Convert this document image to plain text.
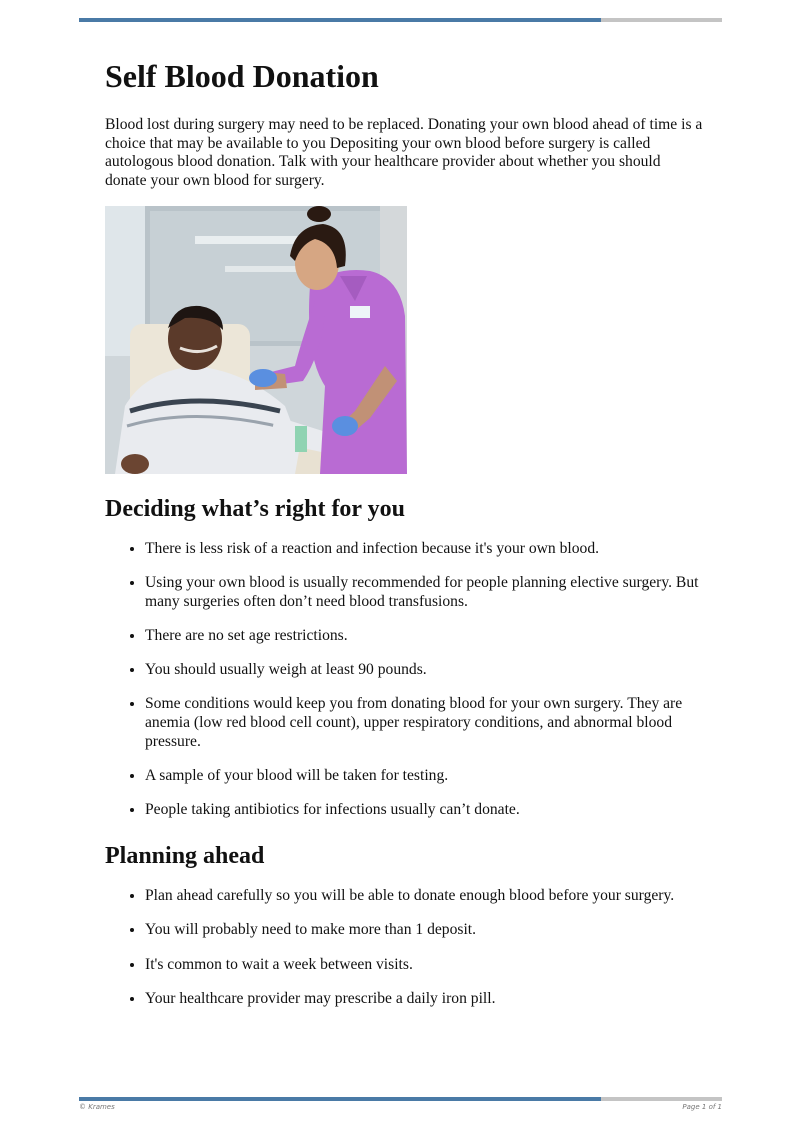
Self Blood Donation

Blood lost during surgery may need to be replaced. Donating your own blood ahead of time is a choice that may be available to you Depositing your own blood before surgery is called autologous blood donation. Talk with your healthcare provider about whether you should donate your own blood for surgery.

Deciding what’s right for you
• There is less risk of a reaction and infection because it's your own blood.
• Using your own blood is usually recommended for people planning elective surgery. But many surgeries often don’t need blood transfusions.
• There are no set age restrictions.
• You should usually weigh at least 90 pounds.
• Some conditions would keep you from donating blood for your own surgery. They are anemia (low red blood cell count), upper respiratory conditions, and abnormal blood pressure.
• A sample of your blood will be taken for testing.
• People taking antibiotics for infections usually can’t donate.
Planning ahead
• Plan ahead carefully so you will be able to donate enough blood before your surgery.
• You will probably need to make more than 1 deposit.
• It's common to wait a week between visits.
• Your healthcare provider may prescribe a daily iron pill.
© Krames	Page 1 of 1
